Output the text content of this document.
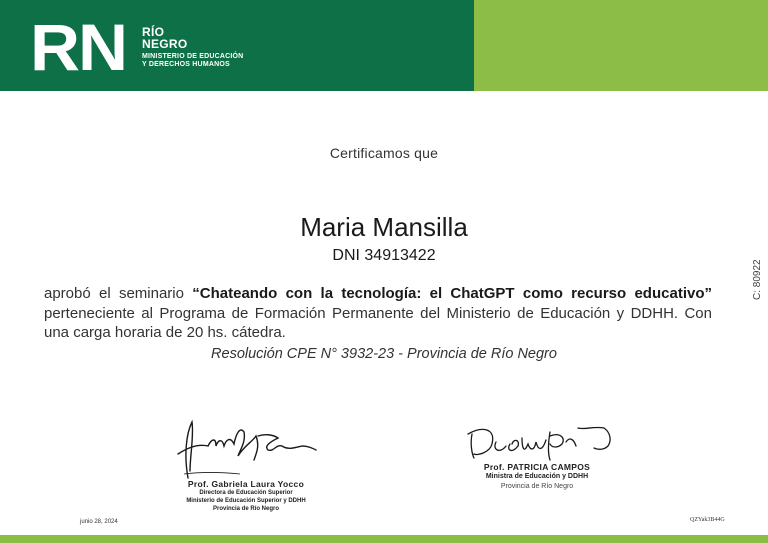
RN RÍO
NEGRO
MINISTERIO DE EDUCACIÓN
Y DERECHOS HUMANOS
Certificamos que
Maria Mansilla
DNI 34913422
aprobó el seminario “Chateando con la tecnología: el ChatGPT como recurso educativo” perteneciente al Programa de Formación Permanente del Ministerio de Educación y DDHH. Con una carga horaria de 20 hs. cátedra.
Resolución CPE N° 3932-23 - Provincia de Río Negro
C: 80922
Prof. Gabriela Laura Yocco
Directora de Educación Superior
Ministerio de Educación Superior y DDHH
Provincia de Río Negro
Prof. PATRICIA CAMPOS
Ministra de Educación y DDHH
Provincia de Río Negro
junio 28, 2024	QZYak3B44G
